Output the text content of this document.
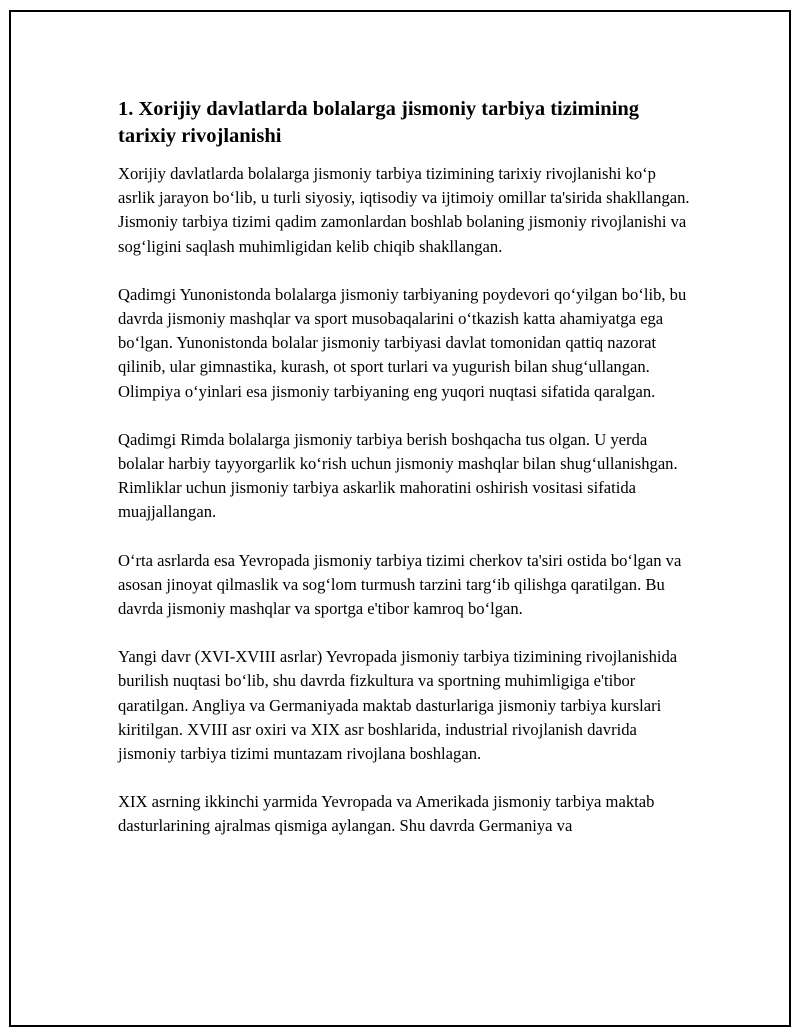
1. Xorijiy davlatlarda bolalarga jismoniy tarbiya tizimining tarixiy rivojlanishi

Xorijiy davlatlarda bolalarga jismoniy tarbiya tizimining tarixiy rivojlanishi ko‘p asrlik jarayon bo‘lib, u turli siyosiy, iqtisodiy va ijtimoiy omillar ta'sirida shakllangan. Jismoniy tarbiya tizimi qadim zamonlardan boshlab bolaning jismoniy rivojlanishi va sog‘ligini saqlash muhimligidan kelib chiqib shakllangan.

Qadimgi Yunonistonda bolalarga jismoniy tarbiyaning poydevori qo‘yilgan bo‘lib, bu davrda jismoniy mashqlar va sport musobaqalarini o‘tkazish katta ahamiyatga ega bo‘lgan. Yunonistonda bolalar jismoniy tarbiyasi davlat tomonidan qattiq nazorat qilinib, ular gimnastika, kurash, ot sport turlari va yugurish bilan shug‘ullangan. Olimpiya o‘yinlari esa jismoniy tarbiyaning eng yuqori nuqtasi sifatida qaralgan.

Qadimgi Rimda bolalarga jismoniy tarbiya berish boshqacha tus olgan. U yerda bolalar harbiy tayyorgarlik ko‘rish uchun jismoniy mashqlar bilan shug‘ullanishgan. Rimliklar uchun jismoniy tarbiya askarlik mahoratini oshirish vositasi sifatida muajjallangan.

O‘rta asrlarda esa Yevropada jismoniy tarbiya tizimi cherkov ta'siri ostida bo‘lgan va asosan jinoyat qilmaslik va sog‘lom turmush tarzini targ‘ib qilishga qaratilgan. Bu davrda jismoniy mashqlar va sportga e'tibor kamroq bo‘lgan.

Yangi davr (XVI-XVIII asrlar) Yevropada jismoniy tarbiya tizimining rivojlanishida burilish nuqtasi bo‘lib, shu davrda fizkultura va sportning muhimligiga e'tibor qaratilgan. Angliya va Germaniyada maktab dasturlariga jismoniy tarbiya kurslari kiritilgan. XVIII asr oxiri va XIX asr boshlarida, industrial rivojlanish davrida jismoniy tarbiya tizimi muntazam rivojlana boshlagan.

XIX asrning ikkinchi yarmida Yevropada va Amerikada jismoniy tarbiya maktab dasturlarining ajralmas qismiga aylangan. Shu davrda Germaniya va
